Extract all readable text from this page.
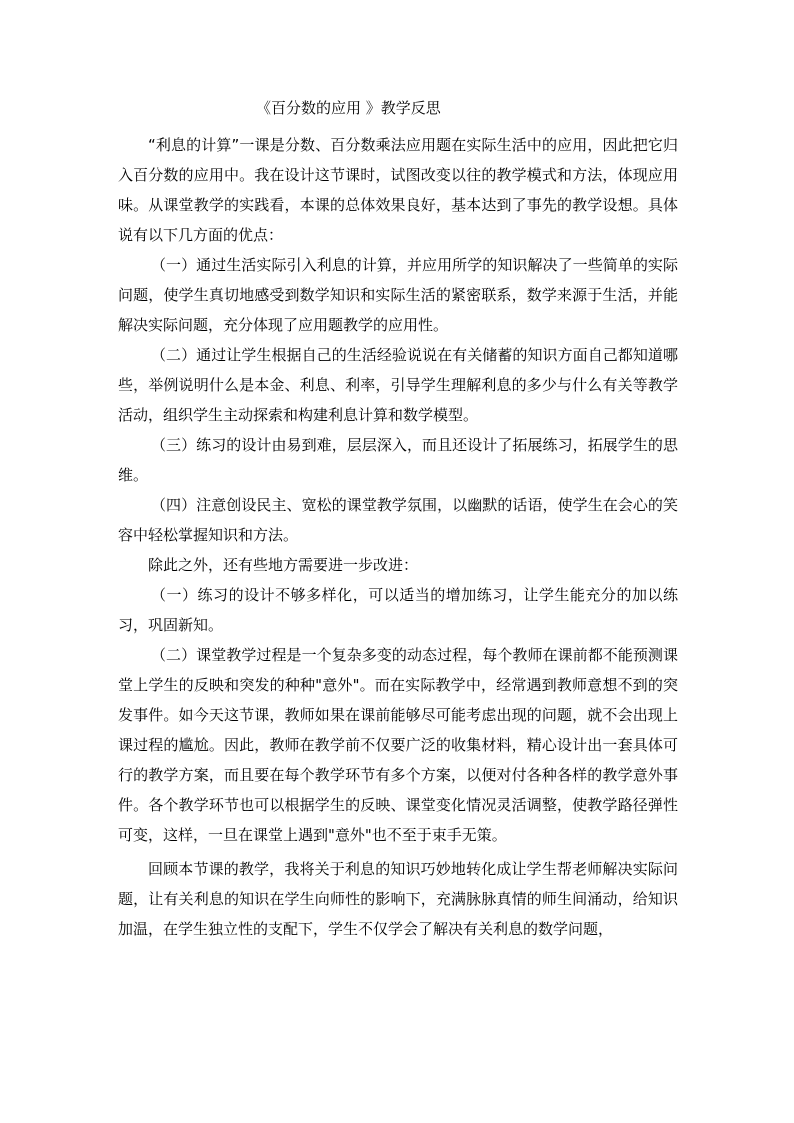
《百分数的应用 》教学反思

“利息的计算”一课是分数、百分数乘法应用题在实际生活中的应用，因此把它归入百分数的应用中。我在设计这节课时，试图改变以往的教学模式和方法，体现应用味。从课堂教学的实践看，本课的总体效果良好，基本达到了事先的教学设想。具体说有以下几方面的优点：

（一）通过生活实际引入利息的计算，并应用所学的知识解决了一些简单的实际问题，使学生真切地感受到数学知识和实际生活的紧密联系，数学来源于生活，并能解决实际问题，充分体现了应用题教学的应用性。

（二）通过让学生根据自己的生活经验说说在有关储蓄的知识方面自己都知道哪些，举例说明什么是本金、利息、利率，引导学生理解利息的多少与什么有关等教学活动，组织学生主动探索和构建利息计算和数学模型。

（三）练习的设计由易到难，层层深入，而且还设计了拓展练习，拓展学生的思维。

（四）注意创设民主、宽松的课堂教学氛围，以幽默的话语，使学生在会心的笑容中轻松掌握知识和方法。

除此之外，还有些地方需要进一步改进：

（一）练习的设计不够多样化，可以适当的增加练习，让学生能充分的加以练习，巩固新知。

（二）课堂教学过程是一个复杂多变的动态过程，每个教师在课前都不能预测课堂上学生的反映和突发的种种"意外"。而在实际教学中，经常遇到教师意想不到的突发事件。如今天这节课，教师如果在课前能够尽可能考虑出现的问题，就不会出现上课过程的尴尬。因此，教师在教学前不仅要广泛的收集材料，精心设计出一套具体可行的教学方案，而且要在每个教学环节有多个方案，以便对付各种各样的教学意外事件。各个教学环节也可以根据学生的反映、课堂变化情况灵活调整，使教学路径弹性可变，这样，一旦在课堂上遇到"意外"也不至于束手无策。

回顾本节课的教学，我将关于利息的知识巧妙地转化成让学生帮老师解决实际问题，让有关利息的知识在学生向师性的影响下，充满脉脉真情的师生间涌动，给知识加温，在学生独立性的支配下，学生不仅学会了解决有关利息的数学问题，
